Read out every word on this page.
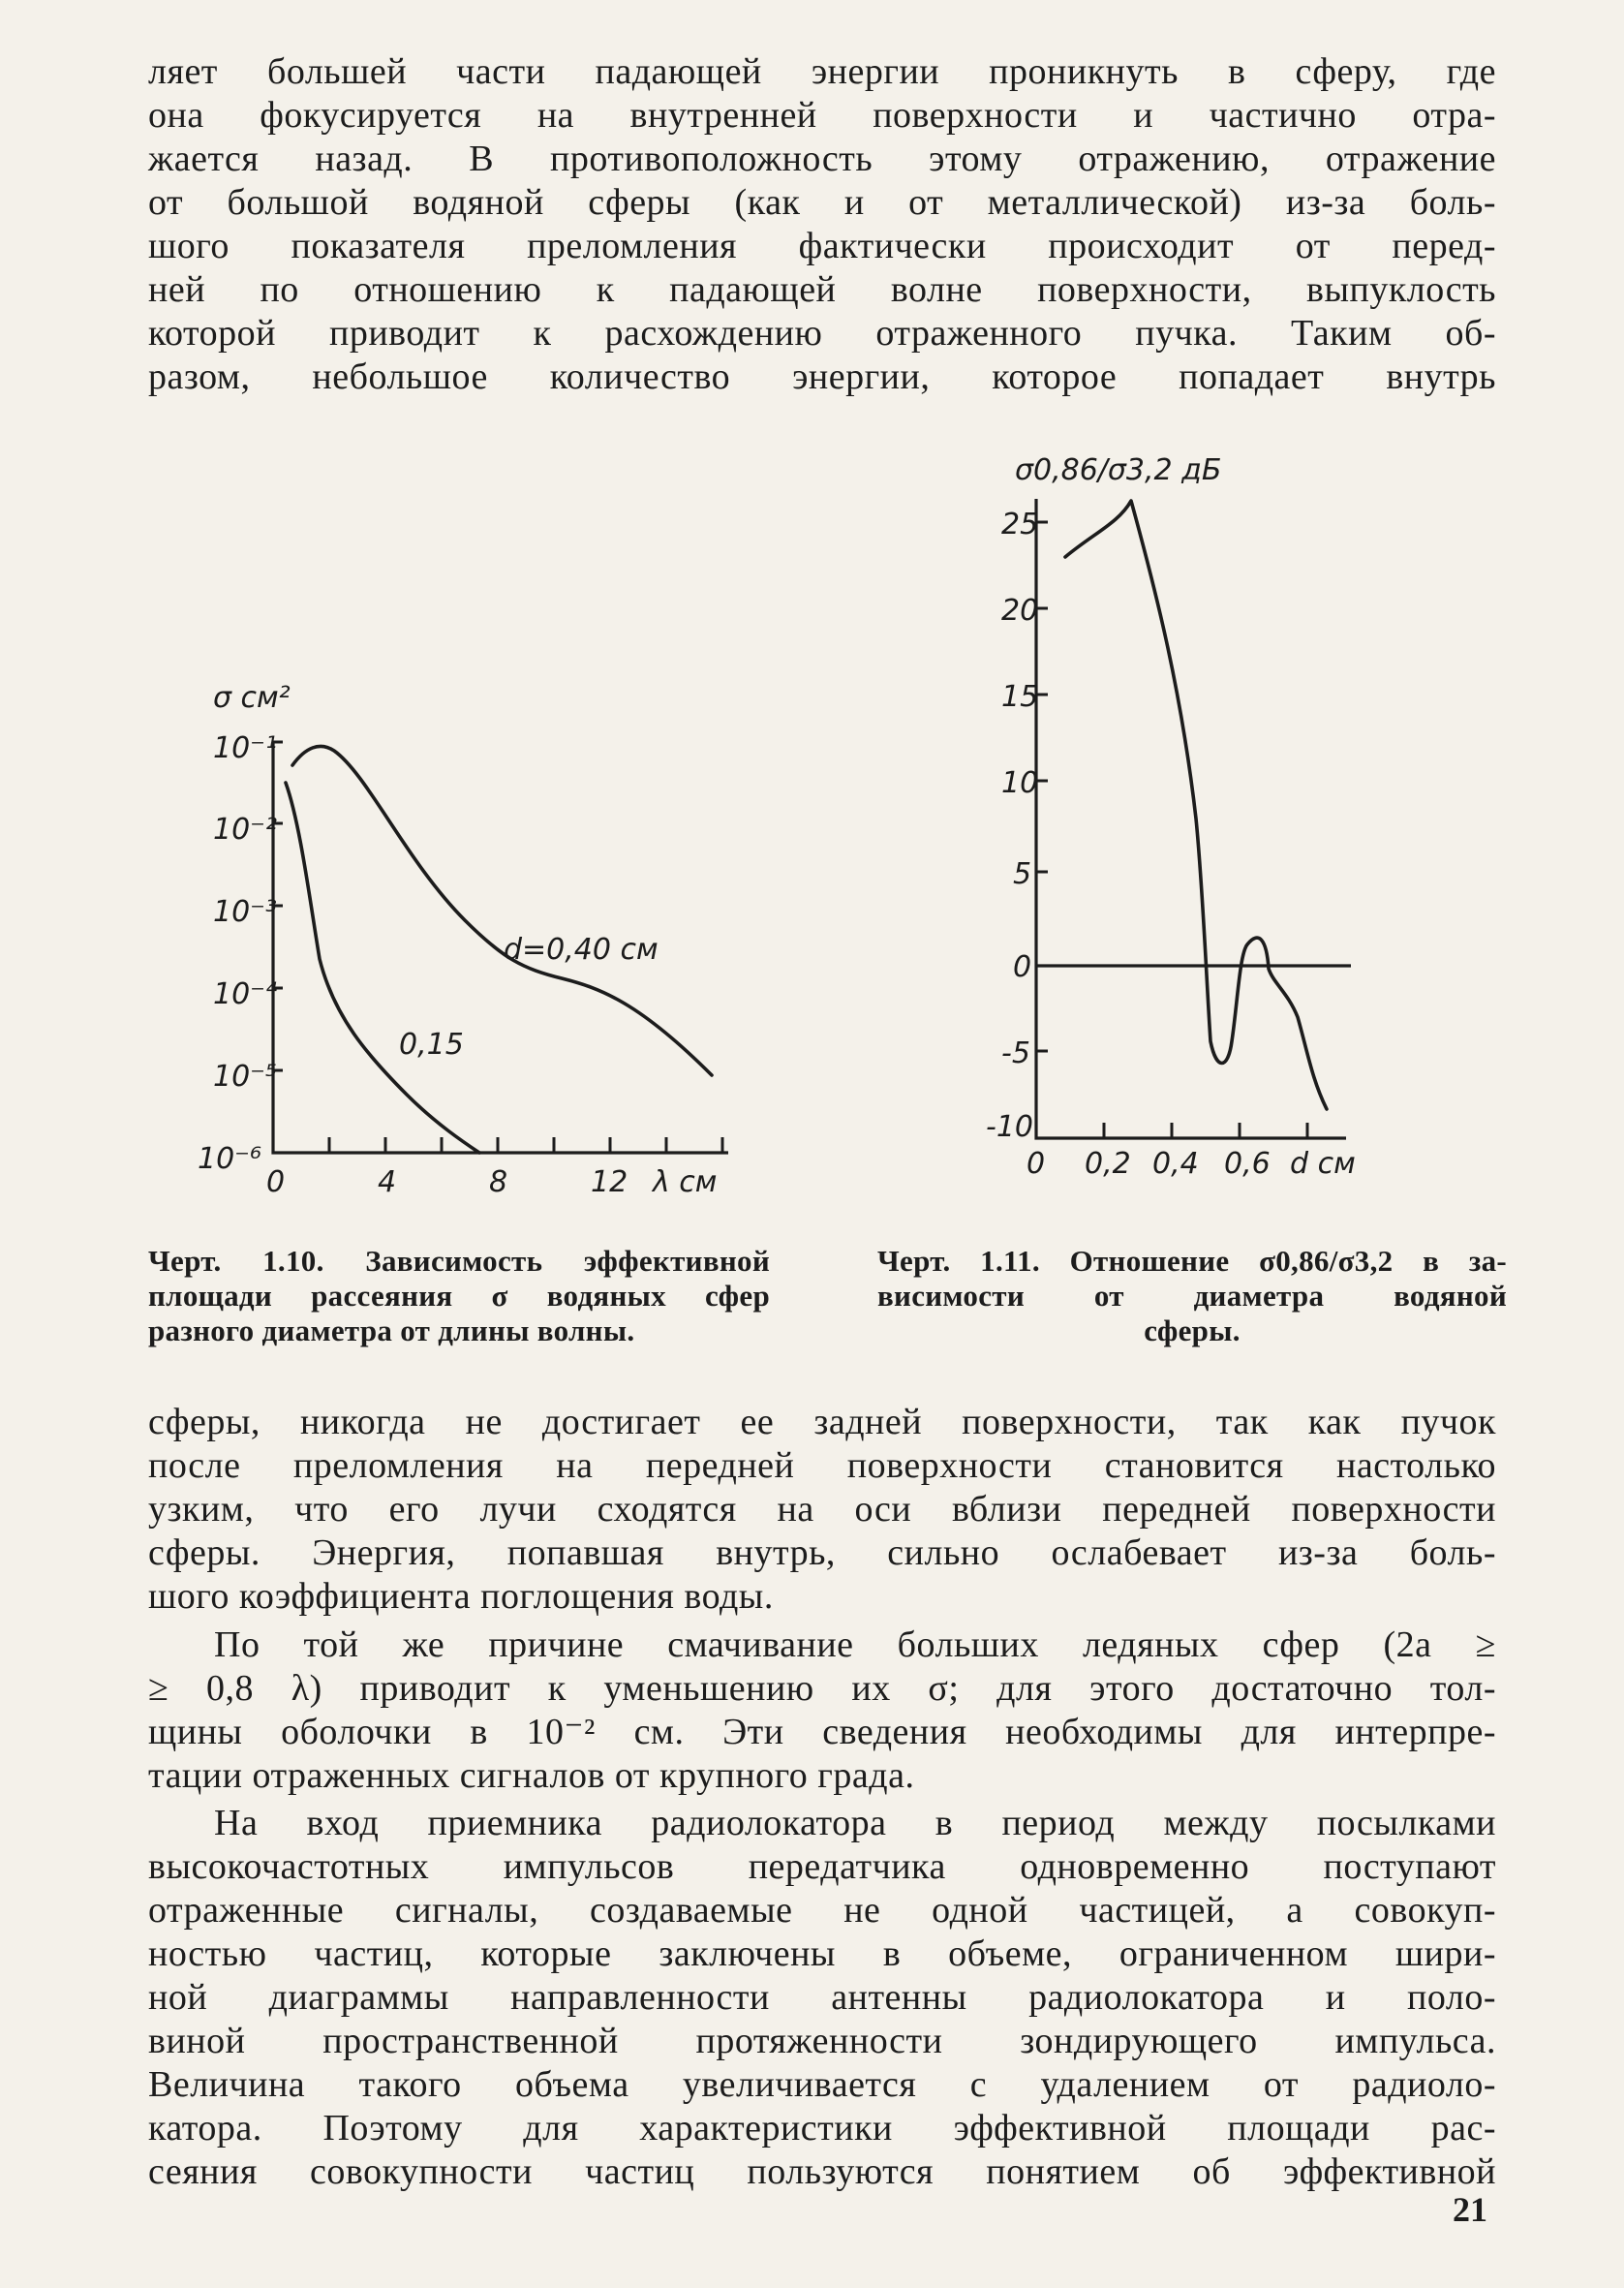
ляет большей части падающей энергии проникнуть в сферу, где
она фокусируется на внутренней поверхности и частично отра-
жается назад. В противоположность этому отражению, отражение
от большой водяной сферы (как и от металлической) из-за боль-
шого показателя преломления фактически происходит от перед-
ней по отношению к падающей волне поверхности, выпуклость
которой приводит к расхождению отраженного пучка. Таким об-
разом, небольшое количество энергии, которое попадает внутрь
σ см²
10⁻¹
10⁻²
10⁻³
10⁻⁴
10⁻⁵
10⁻⁶
0	4	8	12 λ см
d=0,40 см
0,15
σ0,86/σ3,2 дБ
25
20
15
10
5
0
-5
-10
0 0,2 0,4 0,6 d см
Черт. 1.10. Зависимость эффективной
площади рассеяния σ водяных сфер
разного диаметра от длины волны.
Черт. 1.11. Отношение σ0,86/σ3,2 в за-
висимости от диаметра водяной
сферы.
сферы, никогда не достигает ее задней поверхности, так как пучок
после преломления на передней поверхности становится настолько
узким, что его лучи сходятся на оси вблизи передней поверхности
сферы. Энергия, попавшая внутрь, сильно ослабевает из-за боль-
шого коэффициента поглощения воды.
По той же причине смачивание больших ледяных сфер (2a ≥
≥ 0,8 λ) приводит к уменьшению их σ; для этого достаточно тол-
щины оболочки в 10⁻² см. Эти сведения необходимы для интерпре-
тации отраженных сигналов от крупного града.
На вход приемника радиолокатора в период между посылками
высокочастотных импульсов передатчика одновременно поступают
отраженные сигналы, создаваемые не одной частицей, а совокуп-
ностью частиц, которые заключены в объеме, ограниченном шири-
ной диаграммы направленности антенны радиолокатора и поло-
виной пространственной протяженности зондирующего импульса.
Величина такого объема увеличивается с удалением от радиоло-
катора. Поэтому для характеристики эффективной площади рас-
сеяния совокупности частиц пользуются понятием об эффективной
21
